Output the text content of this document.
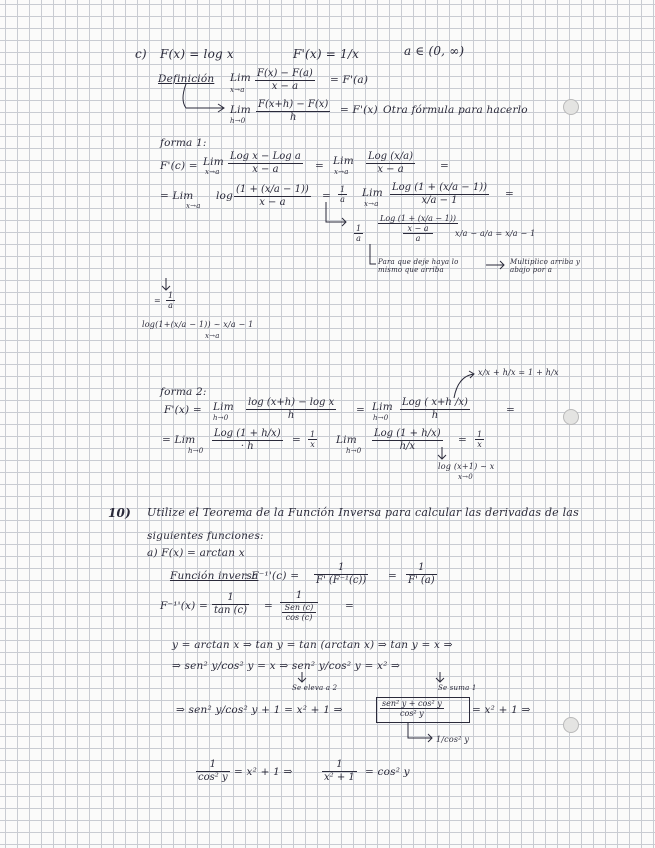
c) F(x) = log x	F'(x) = 1/x	a ∈ (0, ∞)
Definición Lim
x→a
F(x) − F(a)
x − a
= F'(a)
Lim
h→0
F(x+h) − F(x)
h
= F'(x) Otra fórmula para hacerlo
forma 1:
F'(c) = Lim
x→a
Log x − Log a
x − a	= Lim
x→a
Log (x/a)
x − a	=
= Lim
x→a
log
(1 + (x/a − 1))
x − a
=
1
a
Lim
x→a
Log (1 + (x/a − 1))
x/a − 1
=
1
a
Log (1 + (x/a − 1))
x − a
a
x/a − a/a = x/a − 1
Para que deje haya lo mismo que arriba
Multiplico arriba y abajo por a
=
1
a
log(1+(x/a − 1)) ~ x/a − 1
x→a
x/x + h/x = 1 + h/x
forma 2:
F'(x) = Lim
h→0
log (x+h) − log x
h	= Lim
h→0
Log ( x+h /x)
h	=
= Lim
h→0
Log (1 + h/x)
· h
= 1
x Lim
h→0
Log (1 + h/x)
h/x
= 1
x
log (x+1) ~ x
x→0
10) Utilize el Teorema de la Función Inversa para calcular las derivadas de las
siguientes funciones:
a) F(x) = arctan x
Función inversa
: F⁻¹'(c) =
1
F' (F⁻¹(c)) =
1
F' (a)
F⁻¹'(x) =
1
tan (c) =
1
Sen (c)
cos (c)
=
y = arctan x ⇒ tan y = tan (arctan x) ⇒ tan y = x ⇒
⇒ sen² y/cos² y = x ⇒ sen² y/cos² y = x² ⇒
Se eleva a 2	Se suma 1
⇒ sen² y/cos² y + 1 = x² + 1 ⇒
sen² y + cos² y
cos² y	= x² + 1 ⇒
1/cos² y
1
cos² y = x² + 1 ⇒
1
x² + 1 = cos² y
